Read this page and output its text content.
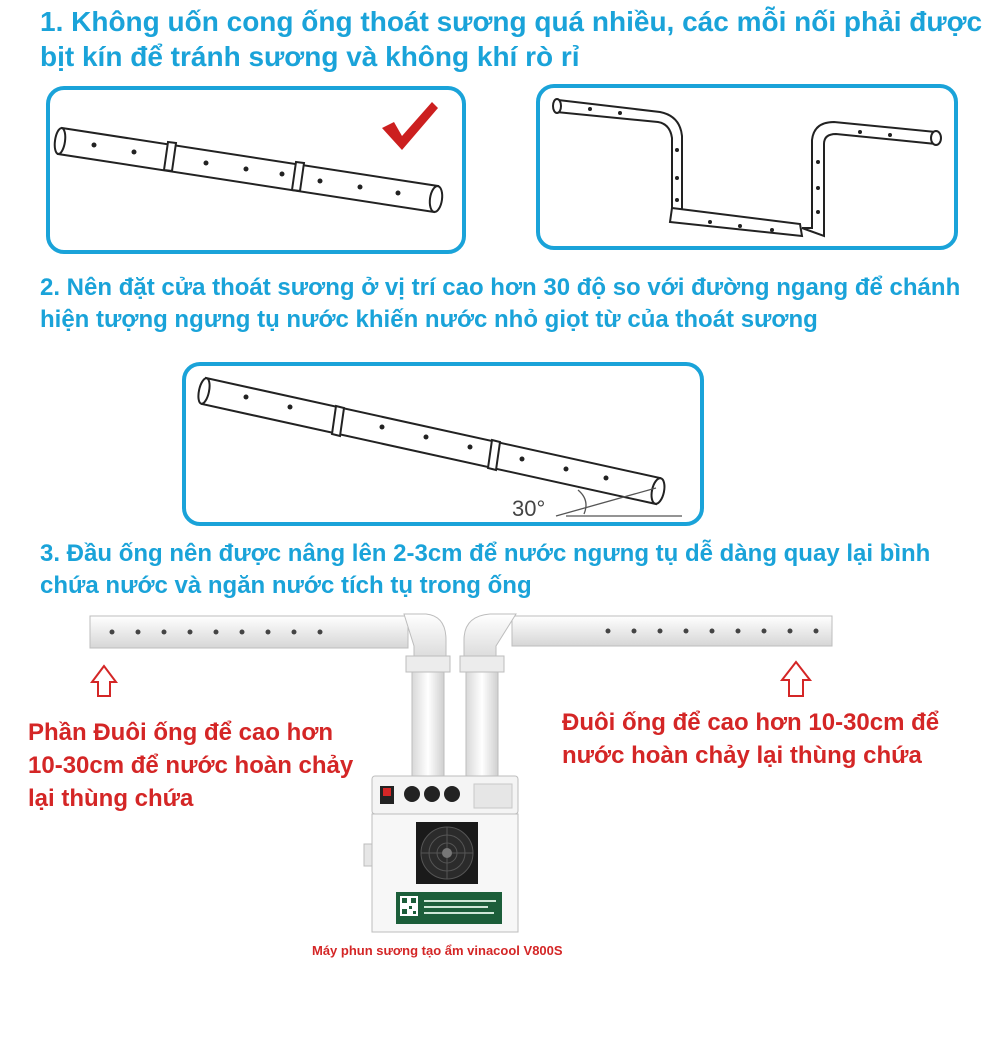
1. Không uốn cong ống thoát sương quá nhiều, các mỗi nối phải được bịt kín để tránh sương và không khí rò rỉ

2. Nên đặt cửa thoát sương ở vị trí cao hơn 30 độ so với đường ngang để chánh hiện tượng ngưng tụ nước khiến nước nhỏ giọt từ của thoát sương

30°

3. Đầu ống nên được nâng lên 2-3cm để nước ngưng tụ dễ dàng quay lại bình chứa nước và ngăn nước tích tụ trong ống

Phần Đuôi ống để cao hơn 10-30cm để nước hoàn chảy lại thùng chứa

Đuôi ống để cao hơn 10-30cm để nước hoàn chảy lại thùng chứa

Máy phun sương tạo ẩm vinacool V800S
